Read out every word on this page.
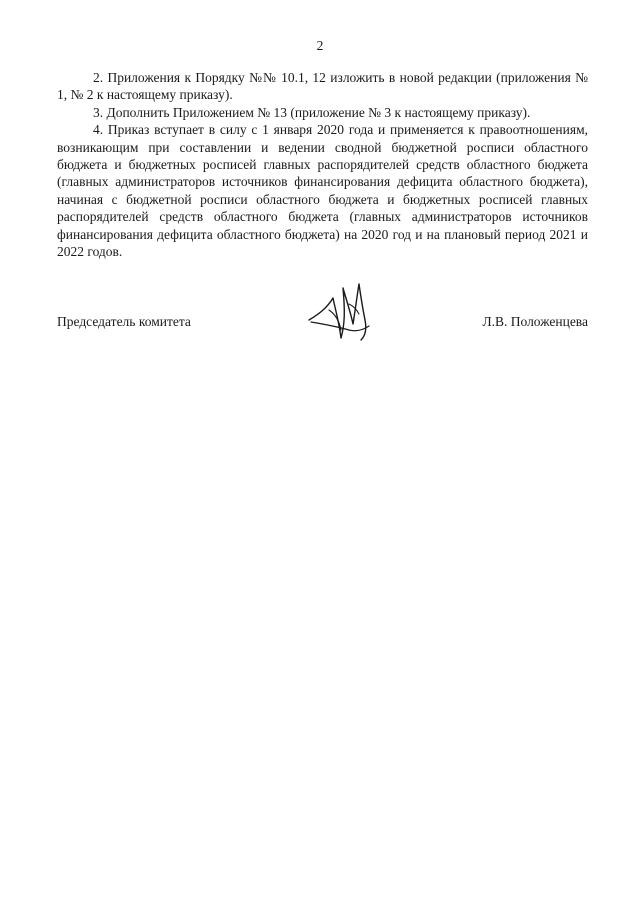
2

2. Приложения к Порядку №№ 10.1, 12 изложить в новой редакции (приложения № 1, № 2 к настоящему приказу).

3. Дополнить Приложением № 13 (приложение № 3 к настоящему приказу).

4. Приказ вступает в силу с 1 января 2020 года и применяется к правоотношениям, возникающим при составлении и ведении сводной бюджетной росписи областного бюджета и бюджетных росписей главных распорядителей средств областного бюджета (главных администраторов источников финансирования дефицита областного бюджета), начиная с бюджетной росписи областного бюджета и бюджетных росписей главных распорядителей средств областного бюджета (главных администраторов источников финансирования дефицита областного бюджета) на 2020 год и на плановый период 2021 и 2022 годов.

Председатель комитета	Л.В. Положенцева
